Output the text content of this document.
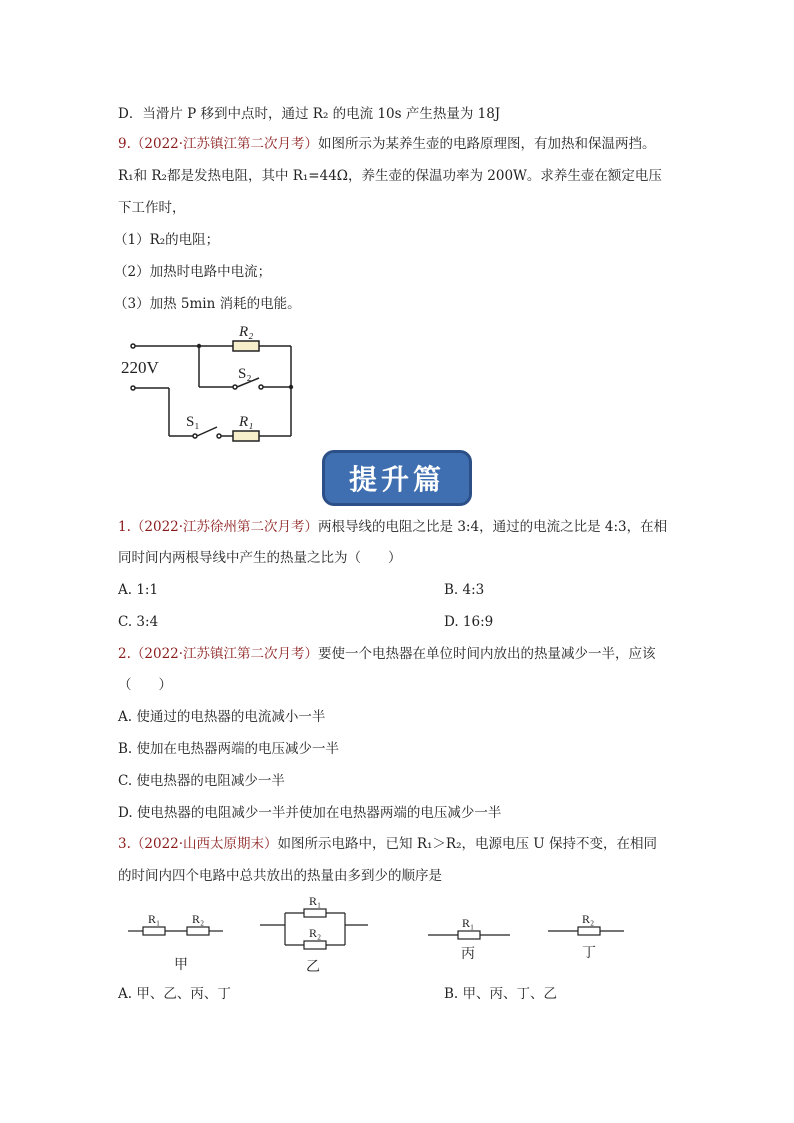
D．当滑片 P 移到中点时，通过 R₂ 的电流 10s 产生热量为 18J
9.（2022·江苏镇江第二次月考）如图所示为某养生壶的电路原理图，有加热和保温两挡。
R₁和 R₂都是发热电阻，其中 R₁=44Ω，养生壶的保温功率为 200W。求养生壶在额定电压
下工作时，
（1）R₂的电阻；
（2）加热时电路中电流；
（3）加热 5min 消耗的电能。
220V
R₂
S₂
S₁	R₁
提升篇
1.（2022·江苏徐州第二次月考）两根导线的电阻之比是 3:4，通过的电流之比是 4:3，在相
同时间内两根导线中产生的热量之比为（　　）
A. 1:1	B. 4:3
C. 3:4	D. 16:9
2.（2022·江苏镇江第二次月考）要使一个电热器在单位时间内放出的热量减少一半，应该
（　　）
A. 使通过的电热器的电流减小一半
B. 使加在电热器两端的电压减少一半
C. 使电热器的电阻减少一半
D. 使电热器的电阻减少一半并使加在电热器两端的电压减少一半
3.（2022·山西太原期末）如图所示电路中，已知 R₁＞R₂，电源电压 U 保持不变，在相同
的时间内四个电路中总共放出的热量由多到少的顺序是
R₁	R₂
甲
R₁
R₂
乙
R₁
丙
R₂
丁
A. 甲、乙、丙、丁	B. 甲、丙、丁、乙
